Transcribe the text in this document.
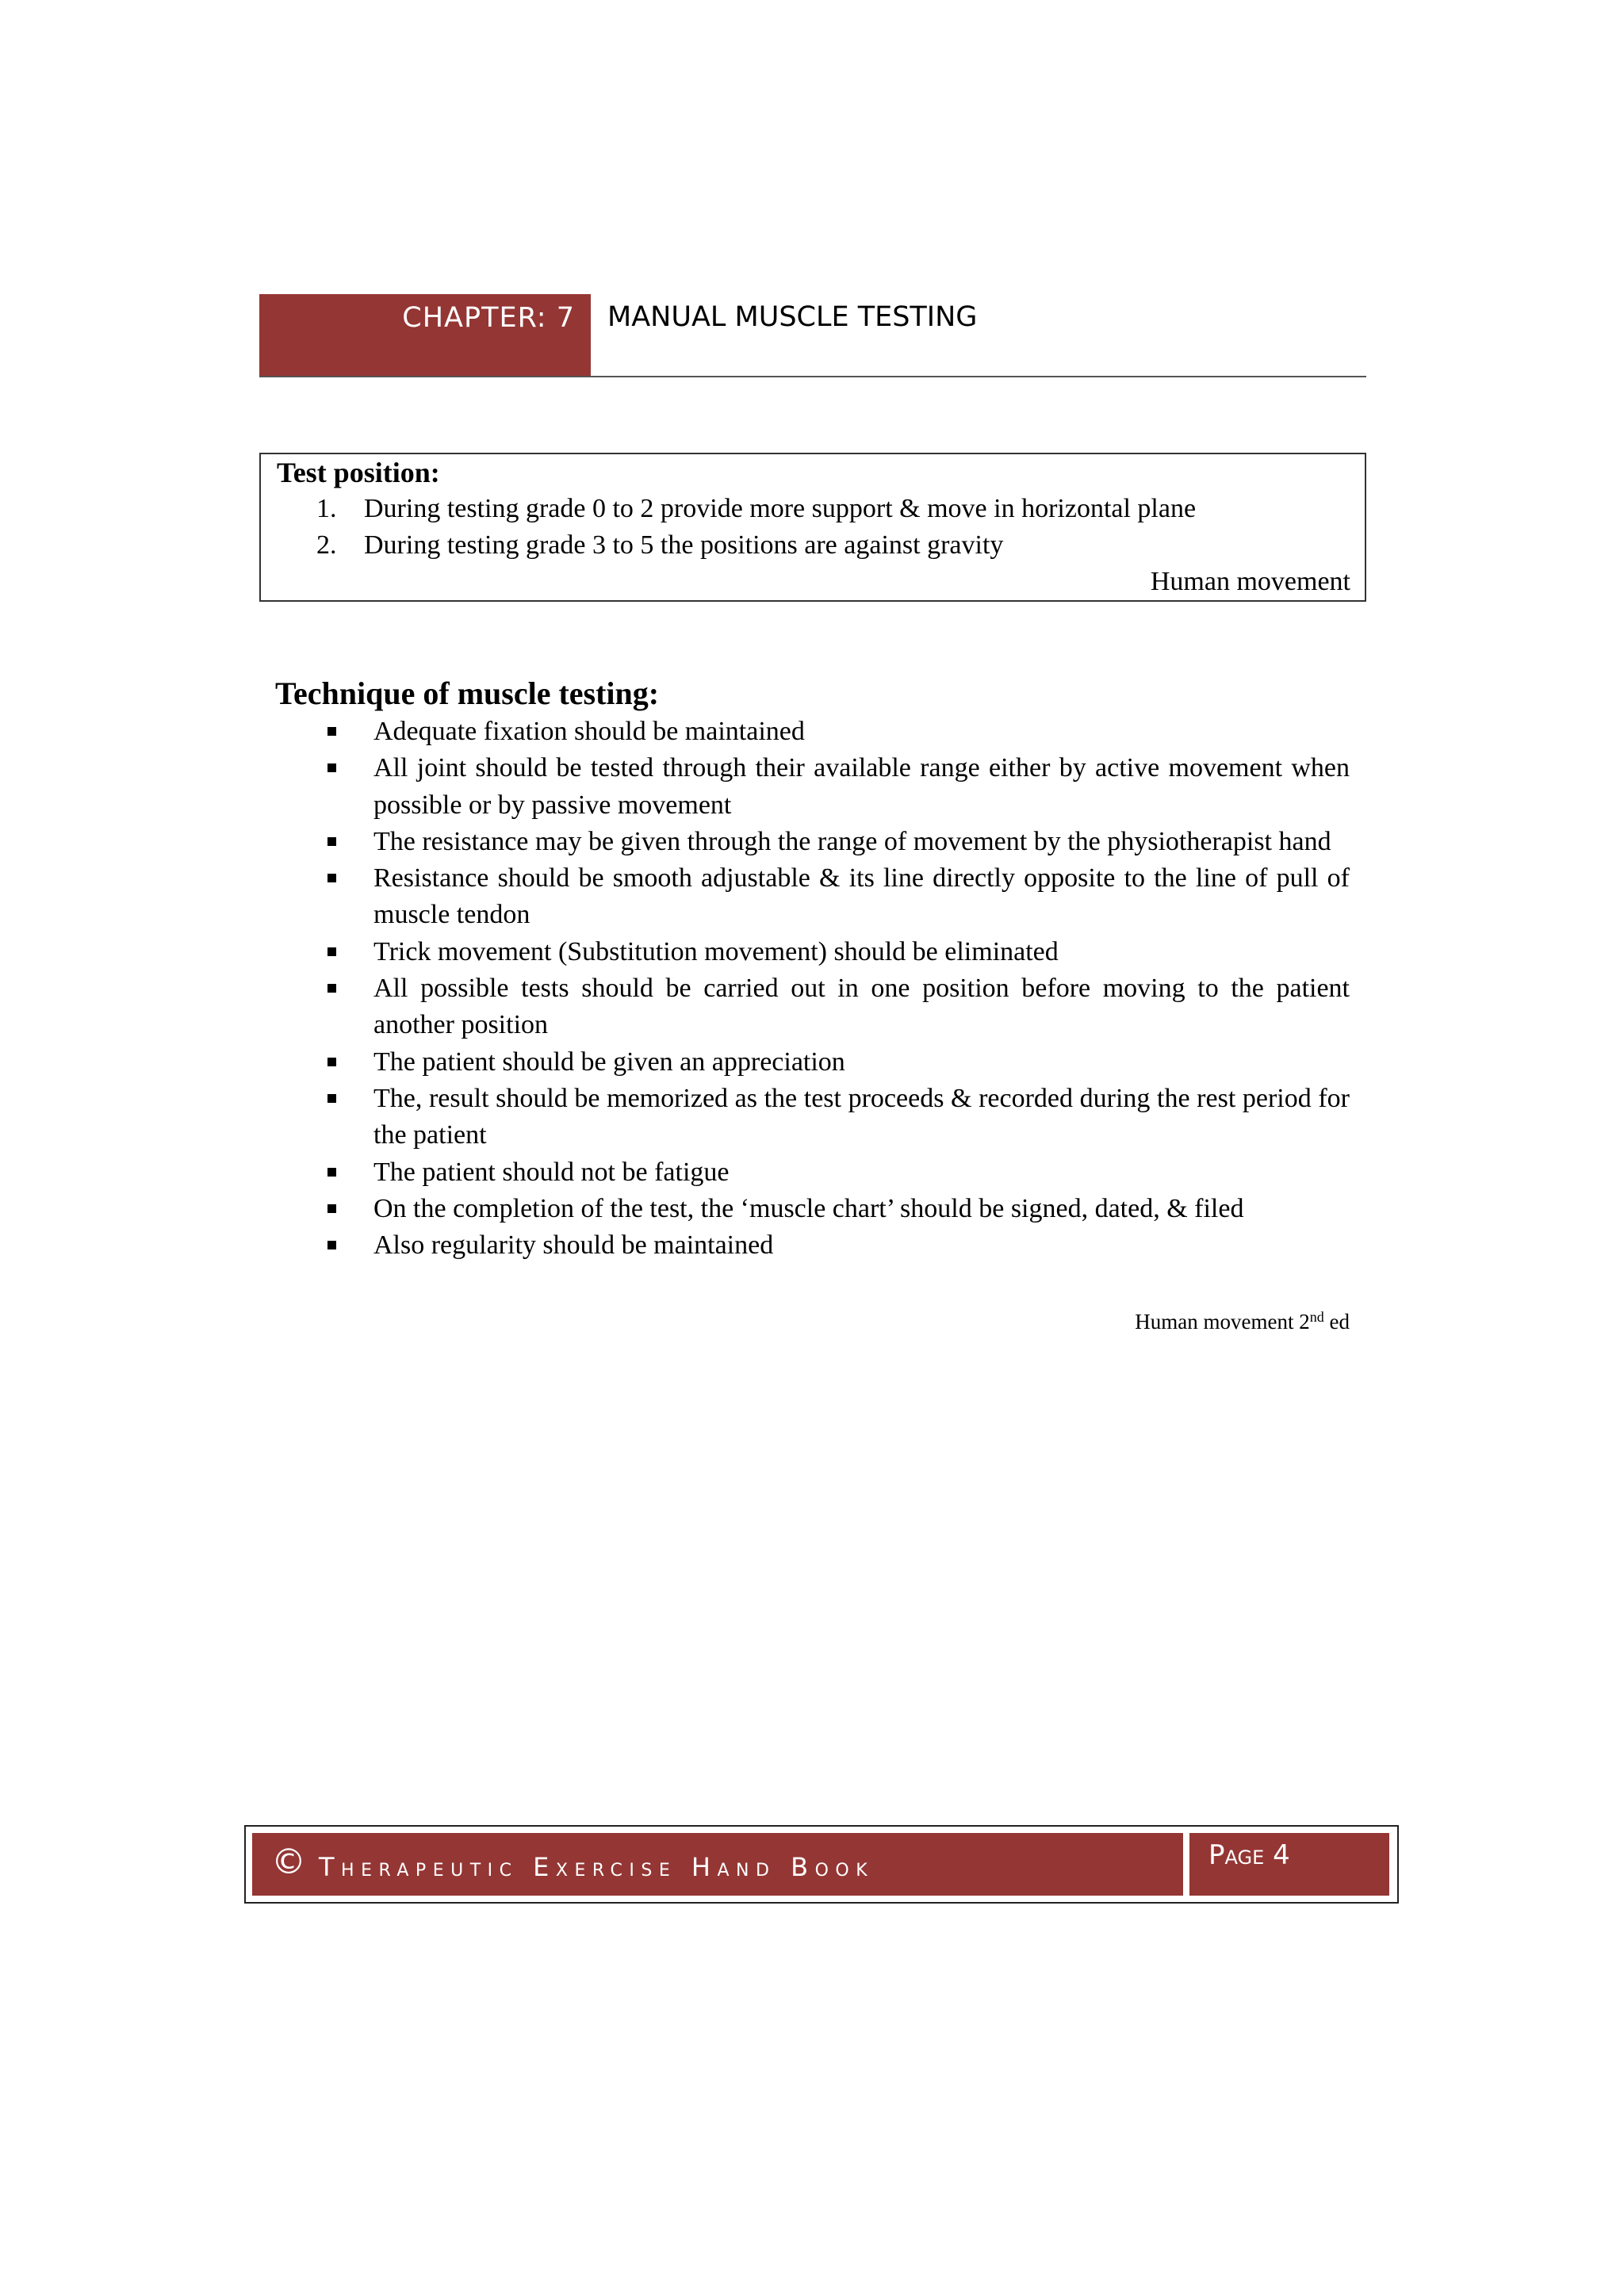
CHAPTER: 7 MANUAL MUSCLE TESTING
Test position:
1. During testing grade 0 to 2 provide more support & move in horizontal plane
2. During testing grade 3 to 5 the positions are against gravity
Human movement
Technique of muscle testing:
Adequate fixation should be maintained
All joint should be tested through their available range either by active movement when possible or by passive movement
The resistance may be given through the range of movement by the physiotherapist hand
Resistance should be smooth adjustable & its line directly opposite to the line of pull of muscle tendon
Trick movement (Substitution movement) should be eliminated
All possible tests should be carried out in one position before moving to the patient another position
The patient should be given an appreciation
The, result should be memorized as the test proceeds & recorded during the rest period for the patient
The patient should not be fatigue
On the completion of the test, the ‘muscle chart’ should be signed, dated, & filed
Also regularity should be maintained
Human movement 2nd ed
© Therapeutic Exercise Hand Book	Page 4
